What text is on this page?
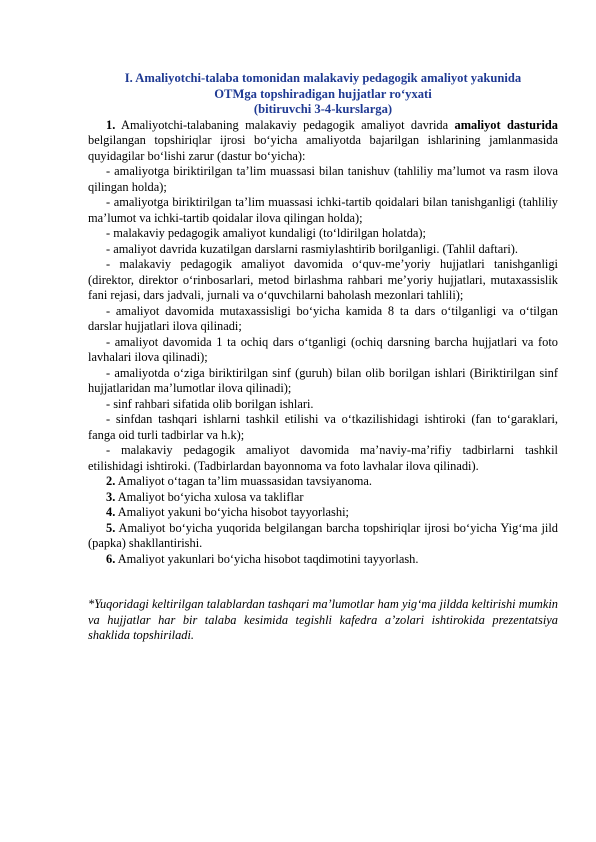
I. Amaliyotchi-talaba tomonidan malakaviy pedagogik amaliyot yakunida
OTMga topshiradigan hujjatlar ro‘yxati
(bitiruvchi 3-4-kurslarga)

1. Amaliyotchi-talabaning malakaviy pedagogik amaliyot davrida amaliyot dasturida belgilangan topshiriqlar ijrosi bo‘yicha amaliyotda bajarilgan ishlarining jamlanmasida quyidagilar bo‘lishi zarur (dastur bo‘yicha):

- amaliyotga biriktirilgan ta’lim muassasi bilan tanishuv (tahliliy ma’lumot va rasm ilova qilingan holda);

- amaliyotga biriktirilgan ta’lim muassasi ichki-tartib qoidalari bilan tanishganligi (tahliliy ma’lumot va ichki-tartib qoidalar ilova qilingan holda);

- malakaviy pedagogik amaliyot kundaligi (to‘ldirilgan holatda);

- amaliyot davrida kuzatilgan darslarni rasmiylashtirib borilganligi. (Tahlil daftari).

- malakaviy pedagogik amaliyot davomida o‘quv-me’yoriy hujjatlari tanishganligi (direktor, direktor o‘rinbosarlari, metod birlashma rahbari me’yoriy hujjatlari, mutaxassislik fani rejasi, dars jadvali, jurnali va o‘quvchilarni baholash mezonlari tahlili);

- amaliyot davomida mutaxassisligi bo‘yicha kamida 8 ta dars o‘tilganligi va o‘tilgan darslar hujjatlari ilova qilinadi;

- amaliyot davomida 1 ta ochiq dars o‘tganligi (ochiq darsning barcha hujjatlari va foto lavhalari ilova qilinadi);

- amaliyotda o‘ziga biriktirilgan sinf (guruh) bilan olib borilgan ishlari (Biriktirilgan sinf hujjatlaridan ma’lumotlar ilova qilinadi);

- sinf rahbari sifatida olib borilgan ishlari.

- sinfdan tashqari ishlarni tashkil etilishi va o‘tkazilishidagi ishtiroki (fan to‘garaklari, fanga oid turli tadbirlar va h.k);

- malakaviy pedagogik amaliyot davomida ma’naviy-ma’rifiy tadbirlarni tashkil etilishidagi ishtiroki. (Tadbirlardan bayonnoma va foto lavhalar ilova qilinadi).

2. Amaliyot o‘tagan ta’lim muassasidan tavsiyanoma.

3. Amaliyot bo‘yicha xulosa va takliflar

4. Amaliyot yakuni bo‘yicha hisobot tayyorlashi;

5. Amaliyot bo‘yicha yuqorida belgilangan barcha topshiriqlar ijrosi bo‘yicha Yig‘ma jild (papka) shakllantirishi.

6. Amaliyot yakunlari bo‘yicha hisobot taqdimotini tayyorlash.

*Yuqoridagi keltirilgan talablardan tashqari ma’lumotlar ham yig‘ma jildda keltirishi mumkin va hujjatlar har bir talaba kesimida tegishli kafedra a’zolari ishtirokida prezentatsiya shaklida topshiriladi.
